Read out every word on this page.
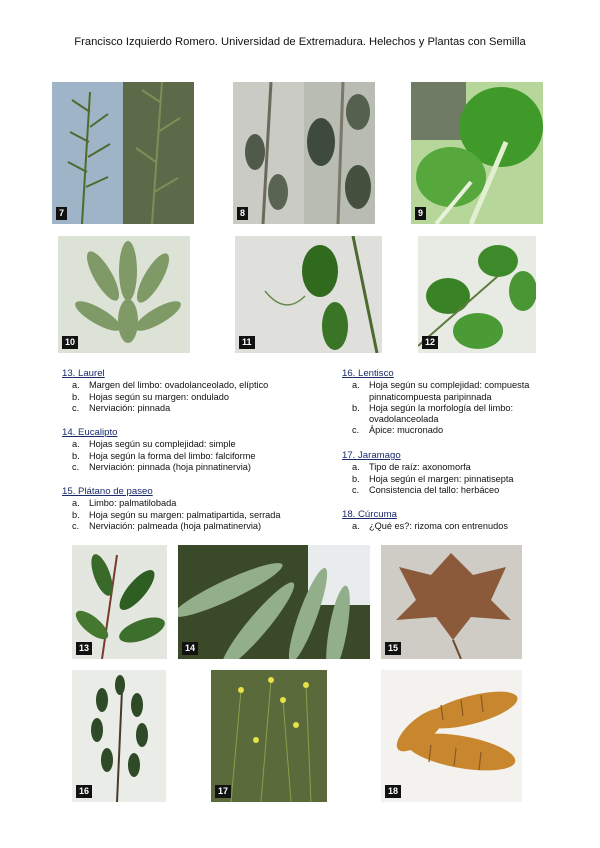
Francisco Izquierdo Romero. Universidad de Extremadura. Helechos y Plantas con Semilla
7	8	9
10	11	12
13. Laurel
Margen del limbo: ovadolanceolado, elíptico
Hojas según su margen: ondulado
Nerviación: pinnada
14. Eucalipto
Hojas según su complejidad: simple
Hoja según la forma del limbo: falciforme
Nerviación: pinnada (hoja pinnatinervia)
15. Plátano de paseo
Limbo: palmatilobada
Hoja según su margen: palmatipartida, serrada
Nerviación: palmeada (hoja palmatinervia)
16. Lentisco
Hoja según su complejidad: compuesta pinnaticompuesta paripinnada
Hoja según la morfología del limbo: ovadolanceolada
Ápice: mucronado
17. Jaramago
Tipo de raíz: axonomorfa
Hoja según el margen: pinnatisepta
Consistencia del tallo: herbáceo
18. Cúrcuma
¿Qué es?: rizoma con entrenudos
13	14	15
16	17	18
